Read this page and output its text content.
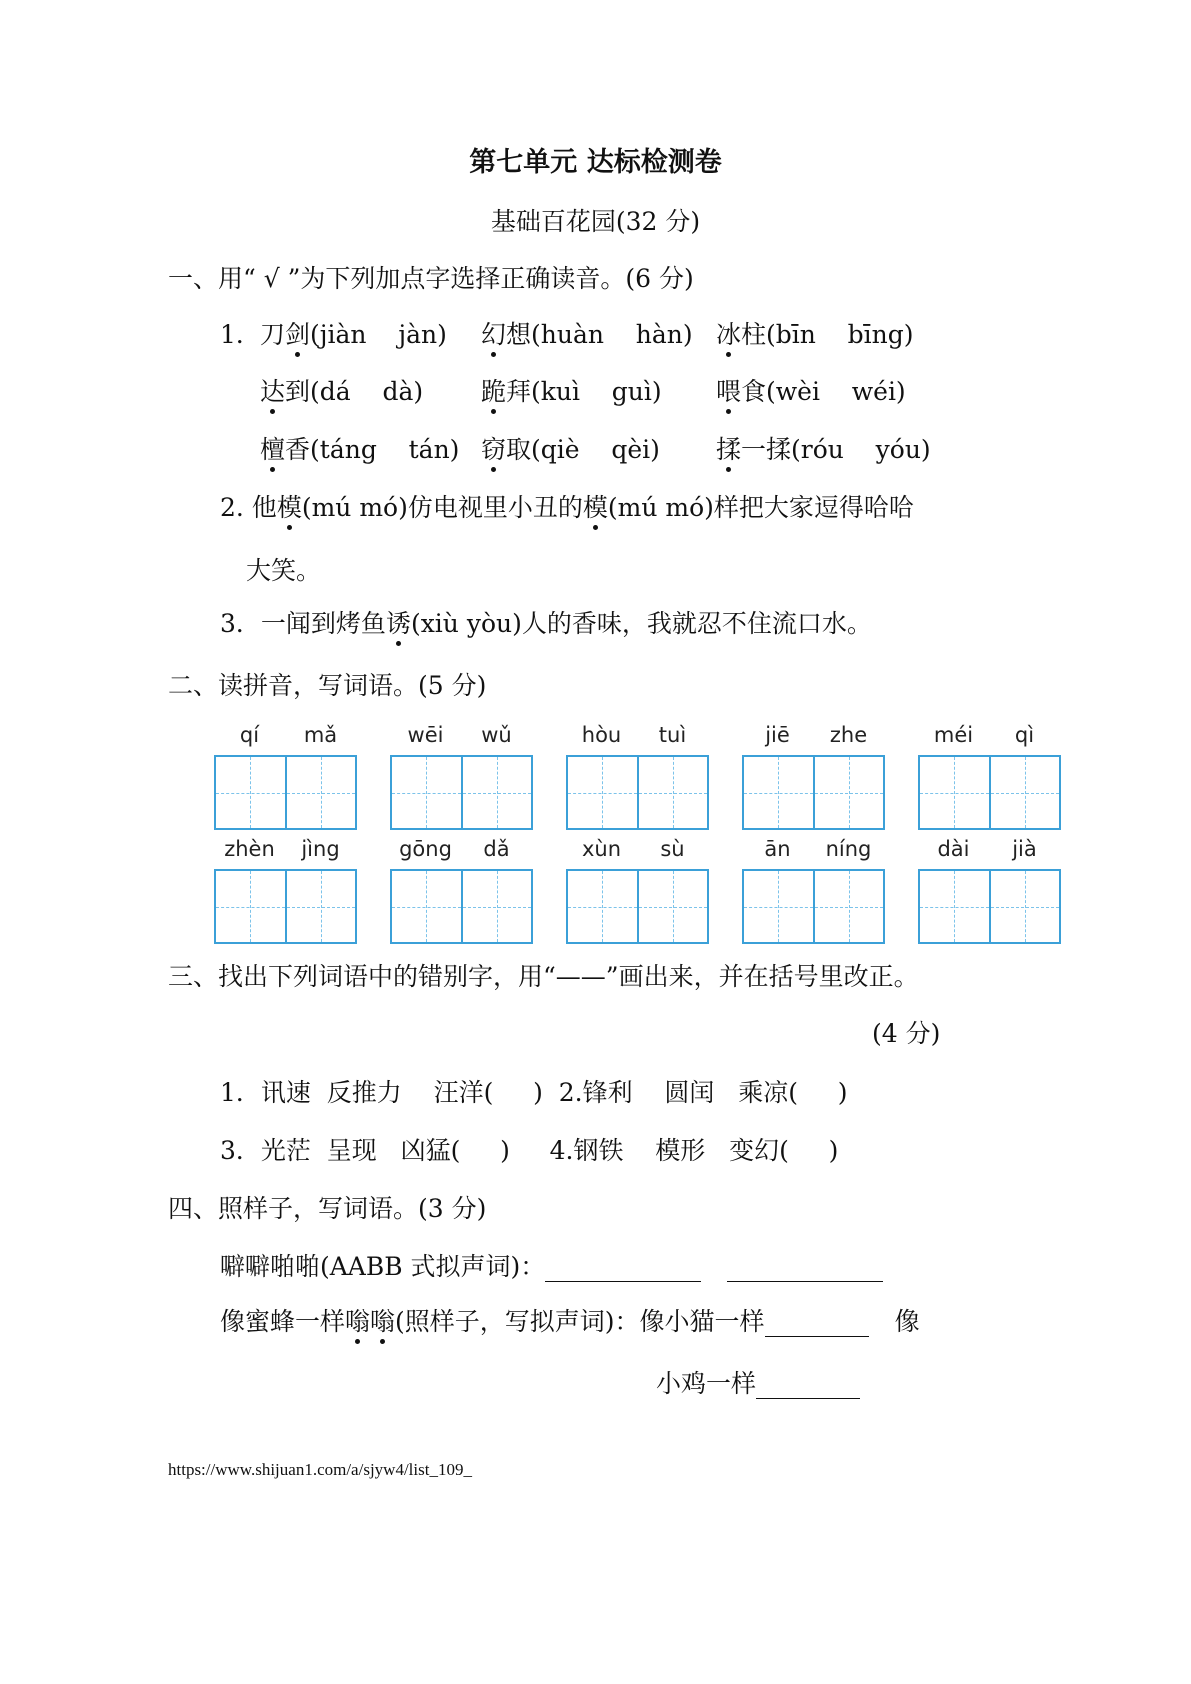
第七单元 达标检测卷
基础百花园(32 分)
一、用“ √ ”为下列加点字选择正确读音。(6 分)
1． 刀剑(jiàn    jàn) 幻想(huàn    hàn) 冰柱(bīn    bīng)
达到(dá    dà) 跪拜(kuì    guì) 喂食(wèi    wéi)
檀香(táng    tán) 窃取(qiè    qèi) 揉一揉(róu    yóu)
2. 他模(mú mó)仿电视里小丑的模(mú mó)样把大家逗得哈哈
大笑。
3．一闻到烤鱼诱(xiù yòu)人的香味，我就忍不住流口水。
二、读拼音，写词语。(5 分)
qí	mǎ	wēi	wǔ	hòu	tuì	jiē	zhe	méi	qì
zhèn	jìng	gōng	dǎ	xùn	sù	ān	níng	dài	jià
三、找出下列词语中的错别字，用“——”画出来，并在括号里改正。
(4 分)
1．讯速  反推力    汪洋(     )  2.锋利    圆闰   乘凉(     )
3．光茫  呈现   凶猛(     )     4.钢铁    模形   变幻(     )
四、照样子，写词语。(3 分)
噼噼啪啪(AABB 式拟声词)：
像蜜蜂一样嗡嗡(照样子，写拟声词)：像小猫一样	像
小鸡一样
https://www.shijuan1.com/a/sjyw4/list_109_
